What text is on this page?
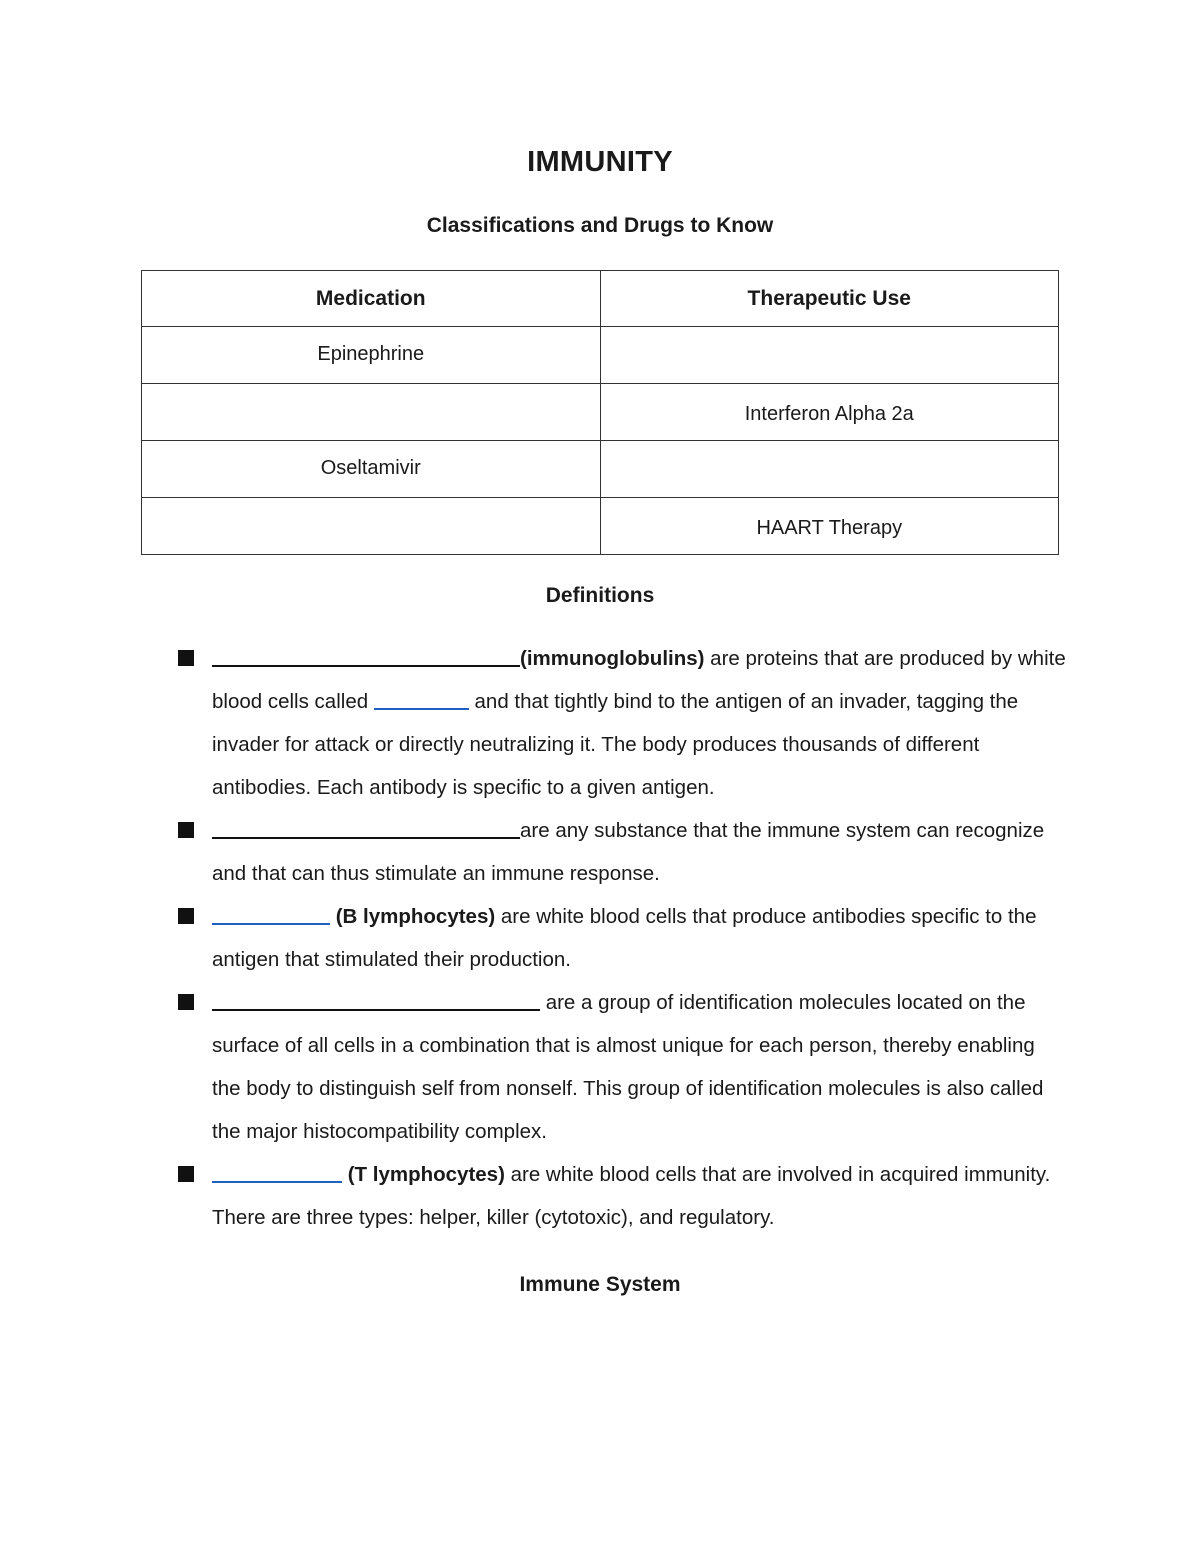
IMMUNITY
Classifications and Drugs to Know
Medication	Therapeutic Use
Epinephrine	
	Interferon Alpha 2a
Oseltamivir	
	HAART Therapy
Definitions
(immunoglobulins) are proteins that are produced by white blood cells called	and that tightly bind to the antigen of an invader, tagging the invader for attack or directly neutralizing it. The body produces thousands of different antibodies. Each antibody is specific to a given antigen.
are any substance that the immune system can recognize and that can thus stimulate an immune response.
(B lymphocytes) are white blood cells that produce antibodies specific to the antigen that stimulated their production.
are a group of identification molecules located on the surface of all cells in a combination that is almost unique for each person, thereby enabling the body to distinguish self from nonself. This group of identification molecules is also called the major histocompatibility complex.
(T lymphocytes) are white blood cells that are involved in acquired immunity. There are three types: helper, killer (cytotoxic), and regulatory.
Immune System
